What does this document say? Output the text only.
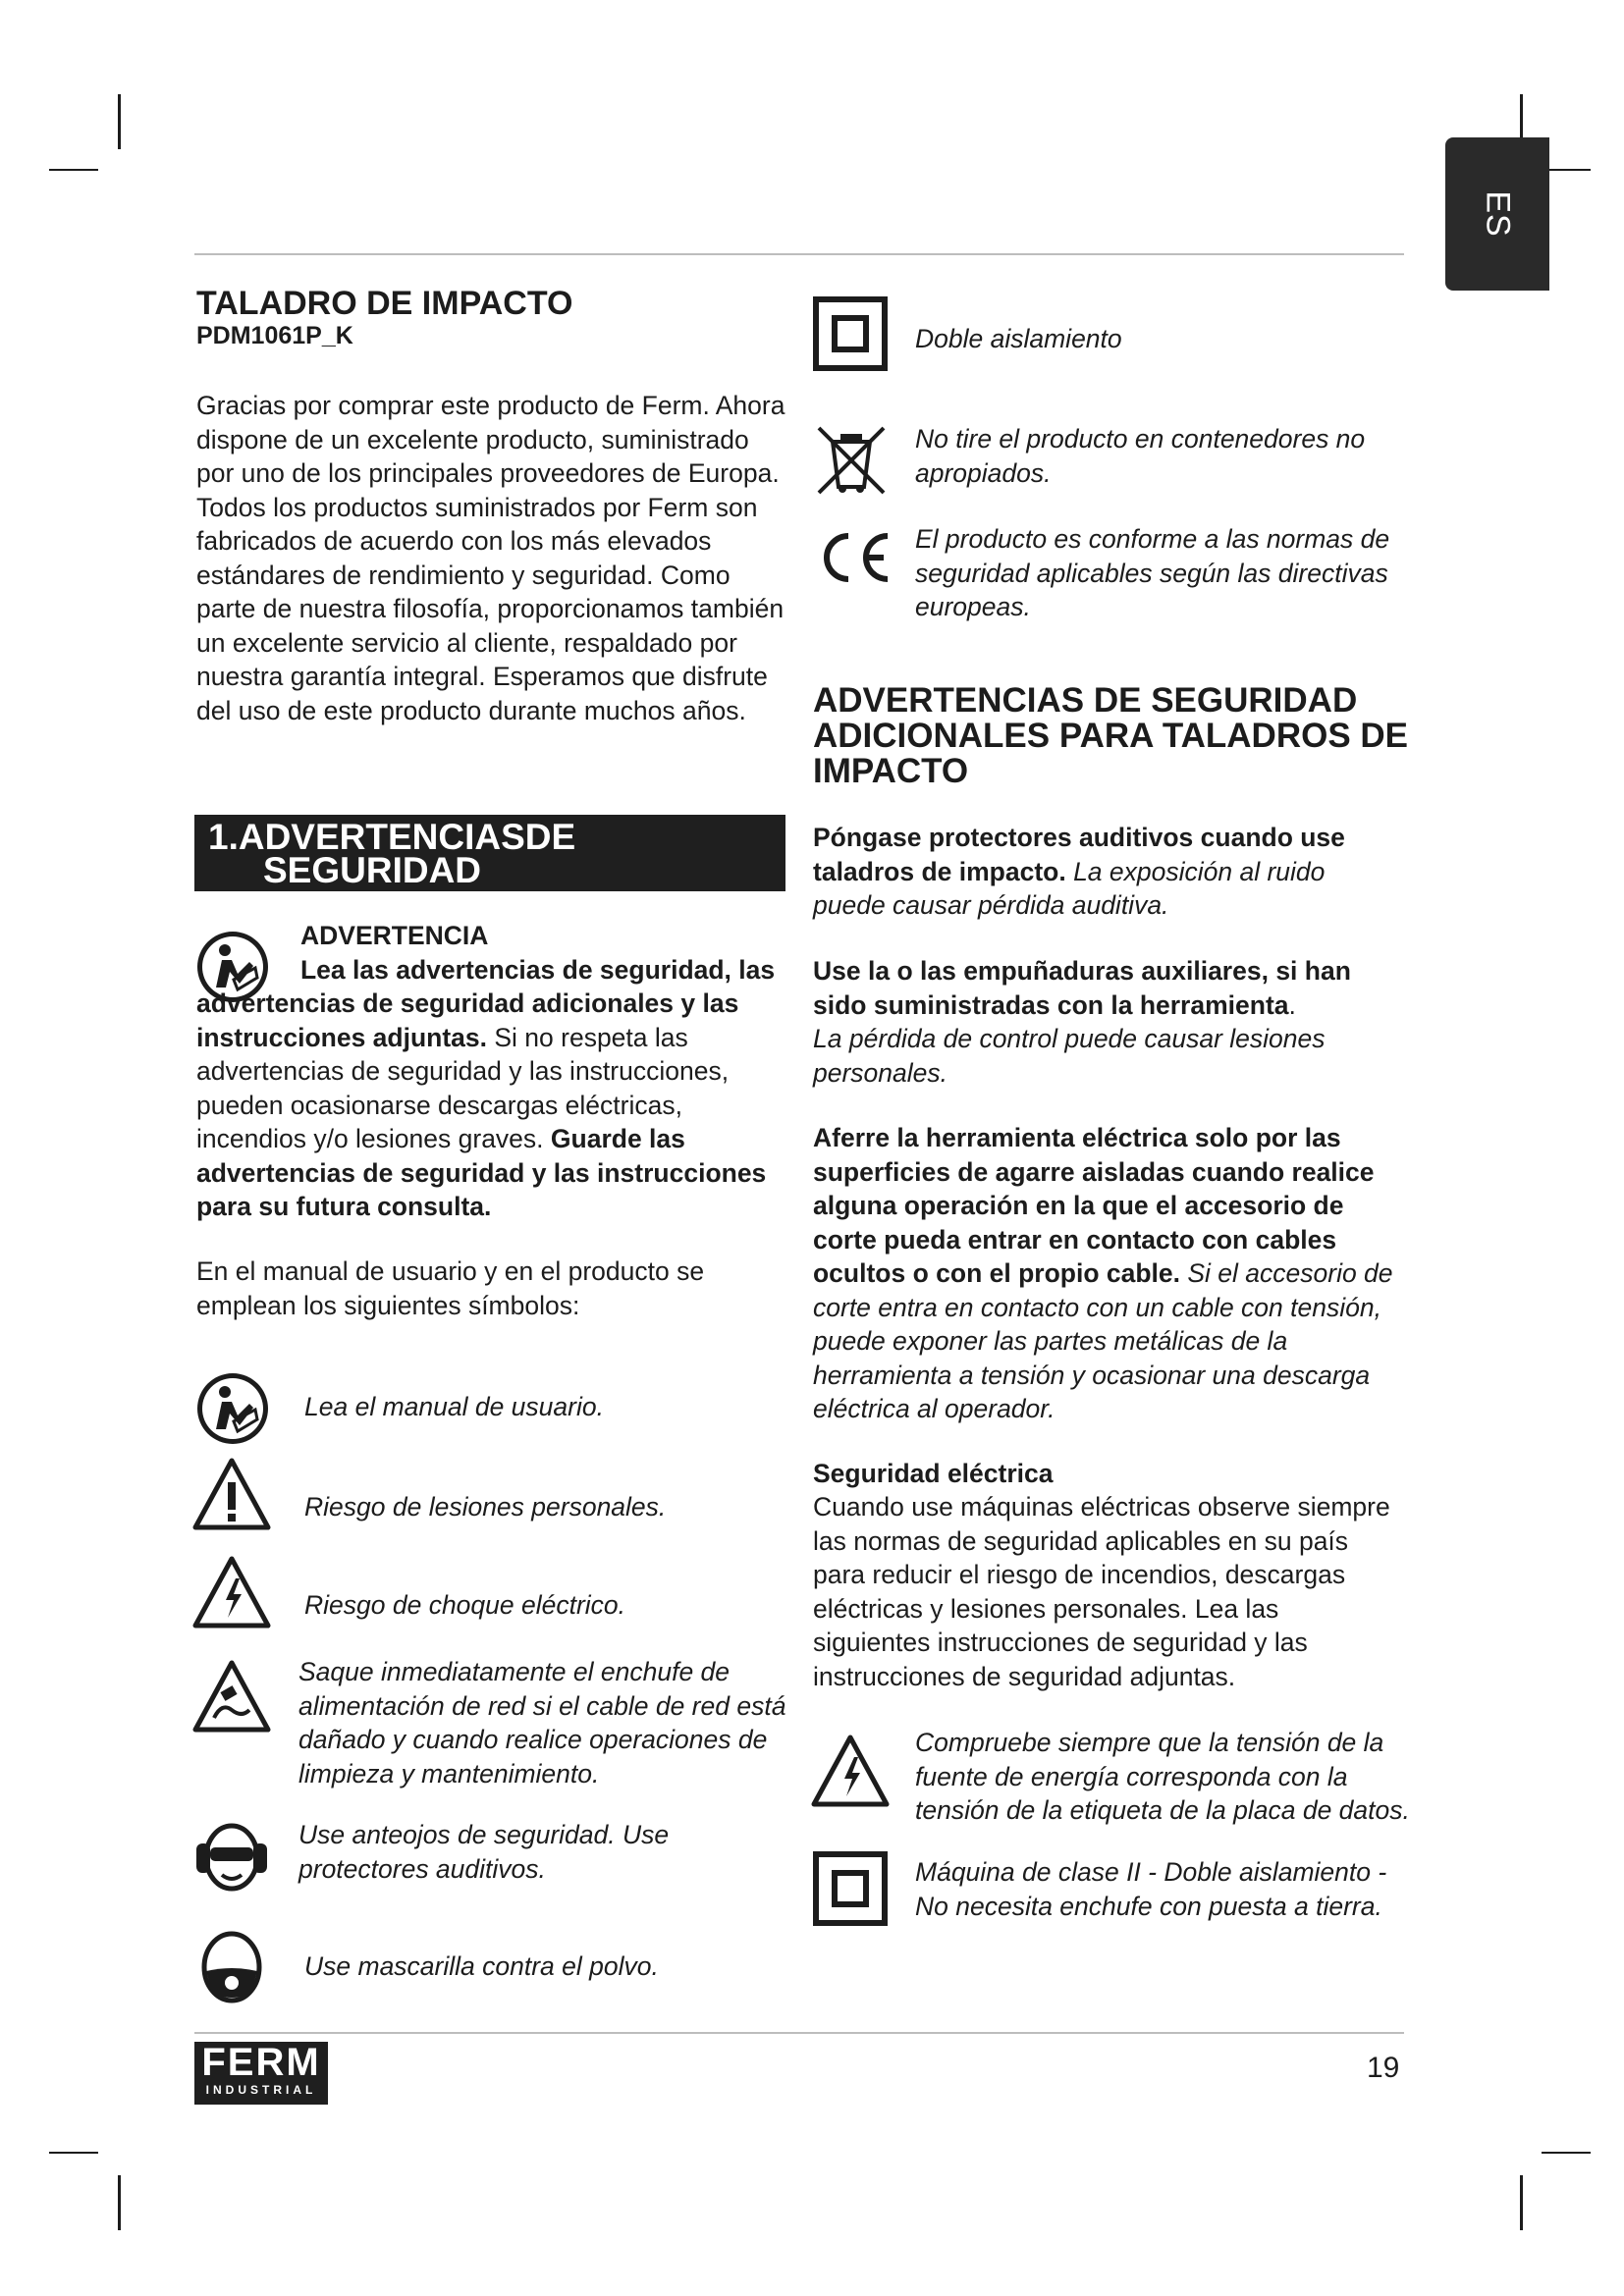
ES
TALADRO DE IMPACTO
PDM1061P_K
Gracias por comprar este producto de Ferm. Ahora dispone de un excelente producto, suministrado por uno de los principales proveedores de Europa. Todos los productos suministrados por Ferm son fabricados de acuerdo con los más elevados estándares de rendimiento y seguridad. Como parte de nuestra filosofía, proporcionamos también un excelente servicio al cliente, respaldado por nuestra garantía integral. Esperamos que disfrute del uso de este producto durante muchos años.
1.ADVERTENCIASDE
SEGURIDAD
ADVERTENCIA
Lea las advertencias de seguridad, las advertencias de seguridad adicionales y las instrucciones adjuntas. Si no respeta las advertencias de seguridad y las instrucciones, pueden ocasionarse descargas eléctricas, incendios y/o lesiones graves. Guarde las advertencias de seguridad y las instrucciones para su futura consulta.
En el manual de usuario y en el producto se emplean los siguientes símbolos:
Lea el manual de usuario.
Riesgo de lesiones personales.
Riesgo de choque eléctrico.
Saque inmediatamente el enchufe de alimentación de red si el cable de red está dañado y cuando realice operaciones de limpieza y mantenimiento.
Use anteojos de seguridad. Use protectores auditivos.
Use mascarilla contra el polvo.
Doble aislamiento
No tire el producto en contenedores no apropiados.
El producto es conforme a las normas de seguridad aplicables según las directivas europeas.
ADVERTENCIAS DE SEGURIDAD
ADICIONALES PARA TALADROS DE
IMPACTO
Póngase protectores auditivos cuando use taladros de impacto. La exposición al ruido puede causar pérdida auditiva.
Use la o las empuñaduras auxiliares, si han sido suministradas con la herramienta.
La pérdida de control puede causar lesiones personales.
Aferre la herramienta eléctrica solo por las superficies de agarre aisladas cuando realice alguna operación en la que el accesorio de corte pueda entrar en contacto con cables ocultos o con el propio cable. Si el accesorio de corte entra en contacto con un cable con tensión, puede exponer las partes metálicas de la herramienta a tensión y ocasionar una descarga eléctrica al operador.
Seguridad eléctrica
Cuando use máquinas eléctricas observe siempre las normas de seguridad aplicables en su país para reducir el riesgo de incendios, descargas eléctricas y lesiones personales. Lea las siguientes instrucciones de seguridad y las instrucciones de seguridad adjuntas.
Compruebe siempre que la tensión de la fuente de energía corresponda con la tensión de la etiqueta de la placa de datos.
Máquina de clase II - Doble aislamiento - No necesita enchufe con puesta a tierra.
FERM
INDUSTRIAL
19
